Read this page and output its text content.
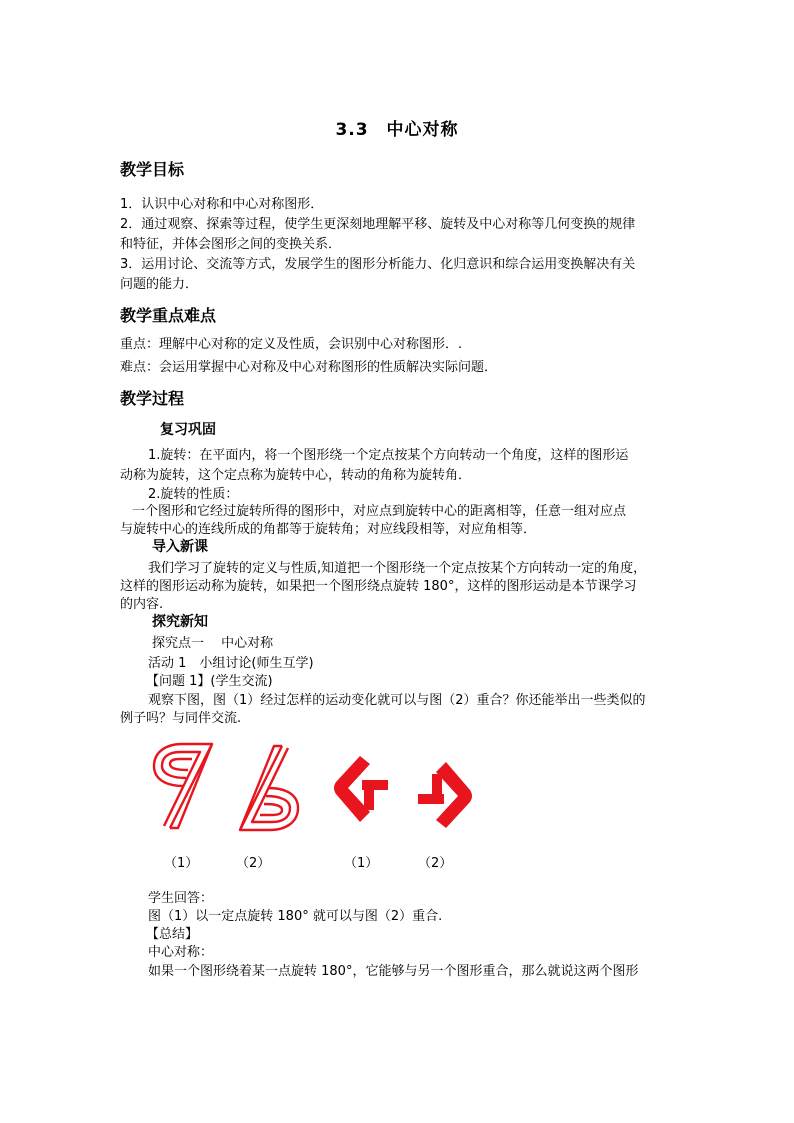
3.3　中心对称
教学目标
1．认识中心对称和中心对称图形．
2．通过观察、探索等过程，使学生更深刻地理解平移、旋转及中心对称等几何变换的规律
和特征，并体会图形之间的变换关系．
3．运用讨论、交流等方式，发展学生的图形分析能力、化归意识和综合运用变换解决有关
问题的能力．
教学重点难点
重点：理解中心对称的定义及性质，会识别中心对称图形．.
难点：会运用掌握中心对称及中心对称图形的性质解决实际问题．
教学过程
复习巩固
1.旋转：在平面内，将一个图形绕一个定点按某个方向转动一个角度，这样的图形运
动称为旋转，这个定点称为旋转中心，转动的角称为旋转角．
2.旋转的性质：
一个图形和它经过旋转所得的图形中，对应点到旋转中心的距离相等，任意一组对应点
与旋转中心的连线所成的角都等于旋转角；对应线段相等，对应角相等．
导入新课
我们学习了旋转的定义与性质,知道把一个图形绕一个定点按某个方向转动一定的角度，
这样的图形运动称为旋转，如果把一个图形绕点旋转 180°，这样的图形运动是本节课学习
的内容.
探究新知
探究点一　 中心对称
活动 1　小组讨论(师生互学)
【问题 1】(学生交流)
观察下图，图（1）经过怎样的运动变化就可以与图（2）重合？你还能举出一些类似的
例子吗？与同伴交流.
（1）	（2）	（1）	（2）
学生回答：
图（1）以一定点旋转 180° 就可以与图（2）重合.
【总结】
中心对称：
如果一个图形绕着某一点旋转 180°，它能够与另一个图形重合，那么就说这两个图形
